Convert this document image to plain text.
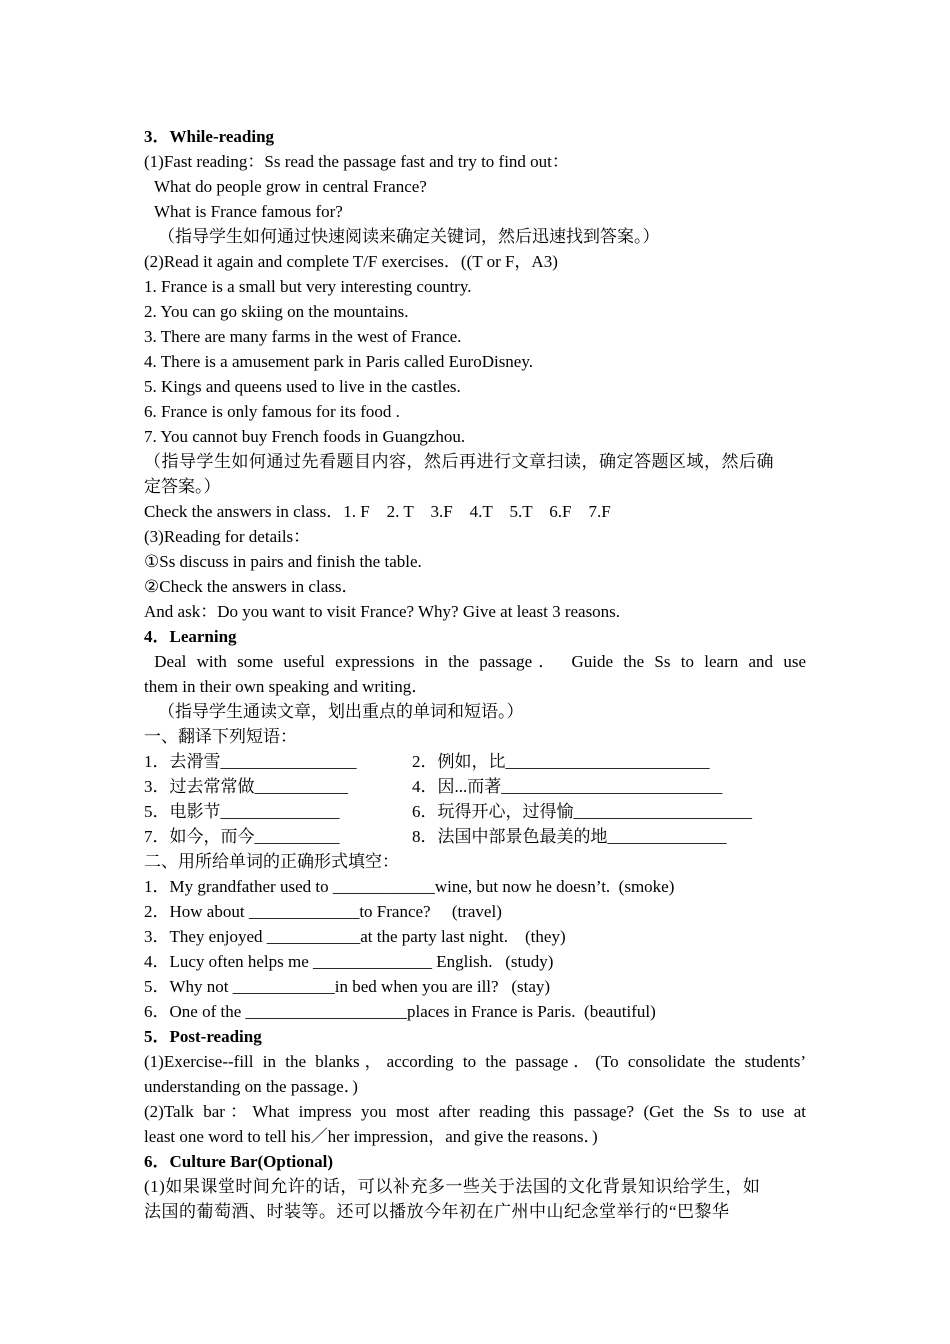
3．While-reading
(1)Fast reading：Ss read the passage fast and try to find out：
What do people grow in central France?
What is France famous for?
（指导学生如何通过快速阅读来确定关键词，然后迅速找到答案。）
(2)Read it again and complete T/F exercises．((T or F，A3)
1. France is a small but very interesting country.
2. You can go skiing on the mountains.
3. There are many farms in the west of France.
4. There is a amusement park in Paris called EuroDisney.
5. Kings and queens used to live in the castles.
6. France is only famous for its food .
7. You cannot buy French foods in Guangzhou.
（指导学生如何通过先看题目内容，然后再进行文章扫读，确定答题区域，然后确
定答案。）
Check the answers in class．1. F    2. T    3.F    4.T    5.T    6.F    7.F
(3)Reading for details：
①Ss discuss in pairs and finish the table.
②Check the answers in class．
And ask：Do you want to visit France? Why? Give at least 3 reasons.
4．Learning
Deal with some useful expressions in the passage． Guide the Ss to learn and use
them in their own speaking and writing．
（指导学生通读文章，划出重点的单词和短语。）
一、翻译下列短语：
1．去滑雪________________	2．例如，比________________________
3．过去常常做___________	4．因...而著__________________________
5．电影节______________	6．玩得开心，过得愉_____________________
7．如今，而今__________	8．法国中部景色最美的地______________
二、用所给单词的正确形式填空：
1．My grandfather used to ____________wine, but now he doesn’t.  (smoke)
2．How about _____________to France?     (travel)
3．They enjoyed ___________at the party last night.    (they)
4．Lucy often helps me ______________ English.   (study)
5．Why not ____________in bed when you are ill?   (stay)
6．One of the ___________________places in France is Paris.  (beautiful)
5．Post-reading
(1)Exercise--fill in the blanks，according to the passage．(To consolidate the students’
understanding on the passage．)
(2)Talk bar：What impress you most after reading this passage? (Get the Ss to use at
least one word to tell his／her impression，and give the reasons．)
6．Culture Bar(Optional)
(1)如果课堂时间允许的话，可以补充多一些关于法国的文化背景知识给学生，如
法国的葡萄酒、时装等。还可以播放今年初在广州中山纪念堂举行的“巴黎华
